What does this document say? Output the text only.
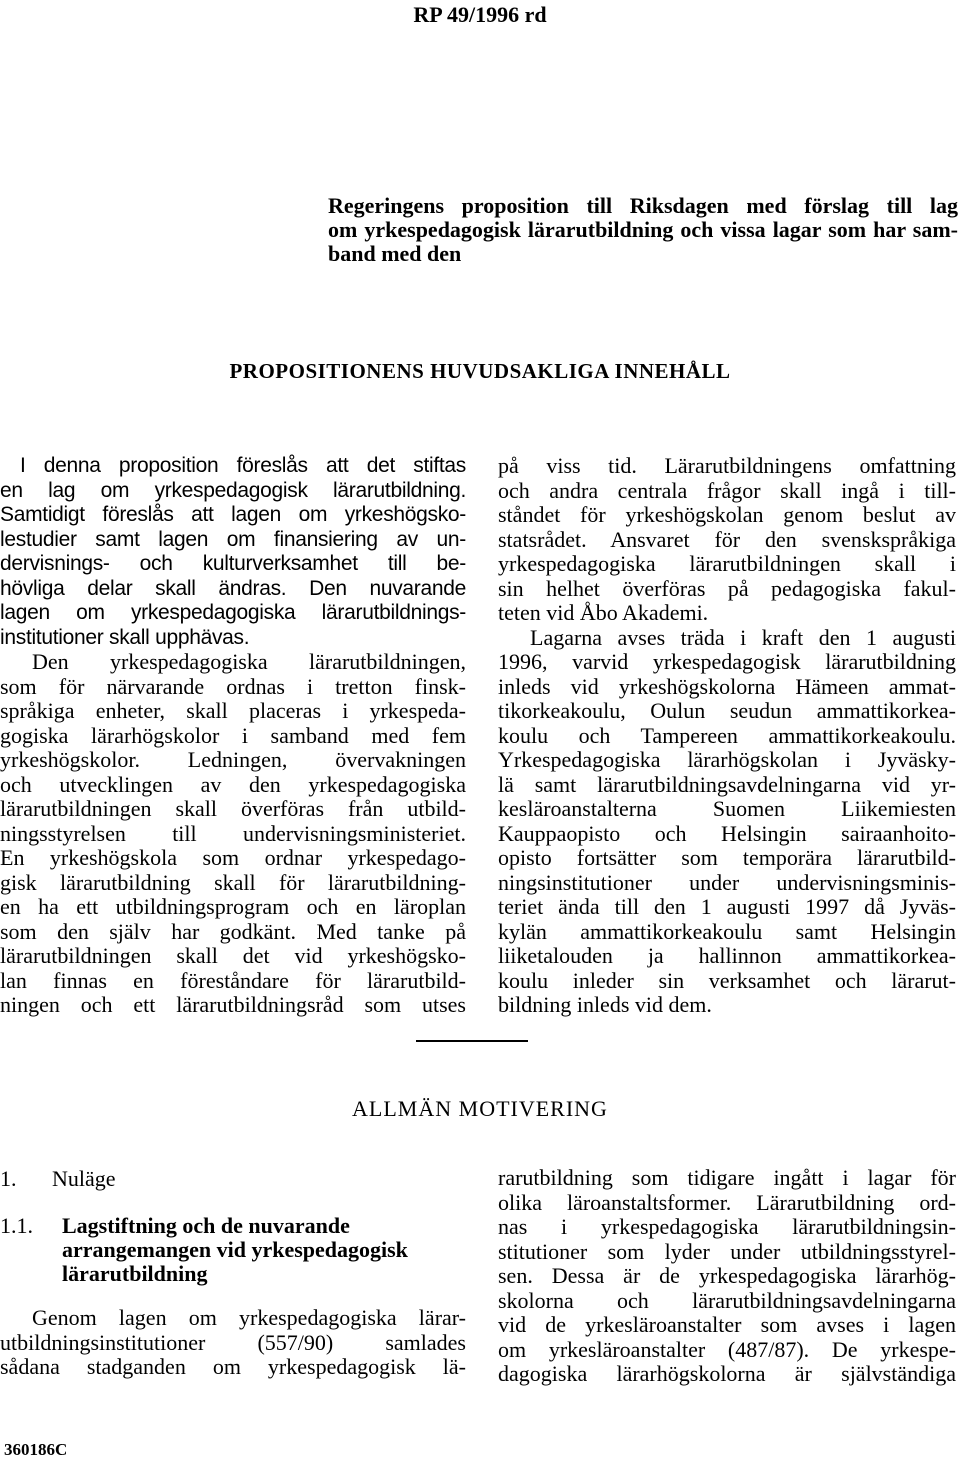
RP 49/1996 rd
Regeringens proposition till Riksdagen med förslag till lag
om yrkespedagogisk lärarutbildning och vissa lagar som har sam-
band med den
PROPOSITIONENS HUVUDSAKLIGA INNEHÅLL
I denna proposition föreslås att det stiftas
en lag om yrkespedagogisk lärarutbildning.
Samtidigt föreslås att lagen om yrkeshögsko-
lestudier samt lagen om finansiering av un-
dervisnings- och kulturverksamhet till be-
hövliga delar skall ändras. Den nuvarande
lagen om yrkespedagogiska lärarutbildnings-
institutioner skall upphävas.
Den yrkespedagogiska lärarutbildningen,
som för närvarande ordnas i tretton finsk-
språkiga enheter, skall placeras i yrkespeda-
gogiska lärarhögskolor i samband med fem
yrkeshögskolor. Ledningen, övervakningen
och utvecklingen av den yrkespedagogiska
lärarutbildningen skall överföras från utbild-
ningsstyrelsen till undervisningsministeriet.
En yrkeshögskola som ordnar yrkespedago-
gisk lärarutbildning skall för lärarutbildning-
en ha ett utbildningsprogram och en läroplan
som den själv har godkänt. Med tanke på
lärarutbildningen skall det vid yrkeshögsko-
lan finnas en föreståndare för lärarutbild-
ningen och ett lärarutbildningsråd som utses
på viss tid. Lärarutbildningens omfattning
och andra centrala frågor skall ingå i till-
ståndet för yrkeshögskolan genom beslut av
statsrådet. Ansvaret för den svenskspråkiga
yrkespedagogiska lärarutbildningen skall i
sin helhet överföras på pedagogiska fakul-
teten vid Åbo Akademi.
Lagarna avses träda i kraft den 1 augusti
1996, varvid yrkespedagogisk lärarutbildning
inleds vid yrkeshögskolorna Hämeen ammat-
tikorkeakoulu, Oulun seudun ammattikorkea-
koulu och Tampereen ammattikorkeakoulu.
Yrkespedagogiska lärarhögskolan i Jyväsky-
lä samt lärarutbildningsavdelningarna vid yr-
kesläroanstalterna Suomen Liikemiesten
Kauppaopisto och Helsingin sairaanhoito-
opisto fortsätter som temporära lärarutbild-
ningsinstitutioner under undervisningsminis-
teriet ända till den 1 augusti 1997 då Jyväs-
kylän ammattikorkeakoulu samt Helsingin
liiketalouden ja hallinnon ammattikorkea-
koulu inleder sin verksamhet och lärarut-
bildning inleds vid dem.
ALLMÄN MOTIVERING
1. Nuläge
1.1. Lagstiftning och de nuvarande
arrangemangen vid yrkespedagogisk
lärarutbildning
Genom lagen om yrkespedagogiska lärar-
utbildningsinstitutioner (557/90) samlades
sådana stadganden om yrkespedagogisk lä-
rarutbildning som tidigare ingått i lagar för
olika läroanstaltsformer. Lärarutbildning ord-
nas i yrkespedagogiska lärarutbildningsin-
stitutioner som lyder under utbildningsstyrel-
sen. Dessa är de yrkespedagogiska lärarhög-
skolorna och lärarutbildningsavdelningarna
vid de yrkesläroanstalter som avses i lagen
om yrkesläroanstalter (487/87). De yrkespe-
dagogiska lärarhögskolorna är självständiga
360186C
